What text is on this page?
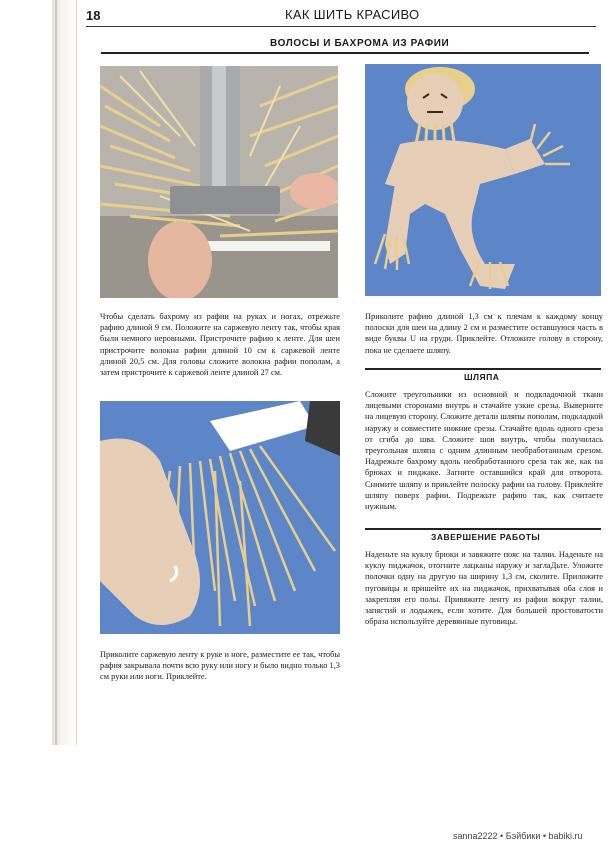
18	КАК ШИТЬ КРАСИВО
ВОЛОСЫ И БАХРОМА ИЗ РАФИИ

Чтобы сделать бахрому из рафии на руках и ногах, отрежьте рафию длиной 9 см. Положите на саржевую ленту так, чтобы края были немного неровными. Пристрочите рафию к ленте. Для шеи пристрочите волокна рафии длиной 10 см к саржевой ленте длиной 20,5 см. Для головы сложите волокна рафии пополам, а затем пристрочите к саржевой ленте длиной 27 см.

Приколите рафию длиной 1,3 см к плечам к каждому концу полоски для шеи на длину 2 см и разместите оставшуюся часть в виде буквы U на груди. Приклейте. Отложите голову в сторону, пока не сделаете шляпу.

Приколите саржевую ленту к руке и ноге, разместите ее так, чтобы рафия закрывала почти всю руку или ногу и было видно только 1,3 см руки или ноги. Приклейте.

ШЛЯПА

Сложите треугольники из основной и подкладочной ткани лицевыми сторонами внутрь и стачайте узкие срезы. Выверните на лицевую сторону. Сложите детали шляпы пополам, подкладкой наружу и совместите нижние срезы. Стачайте вдоль одного среза от сгиба до шва. Сложите шов внутрь, чтобы получилась треугольная шляпа с одним длинным необработанным срезом. Надрежьте бахрому вдоль необработанного среза так же, как на брюках и пиджаке. Загните оставшийся край для отворота. Снимите шляпу и приклейте полоску рафии на голову. Приклейте шляпу поверх рафии. Подрежьте рафию так, как считаете нужным.

ЗАВЕРШЕНИЕ РАБОТЫ

Наденьте на куклу брюки и завяжите пояс на талии. Наденьте на куклу пиджачок, отогните лацканы наружу и заглаДьте. Уложите полочки одну на другую на ширину 1,3 см, сколите. Приложите пуговицы и пришейте их на пиджачок, прихватывая оба слоя и закрепляя его полы. Привяжите ленту из рафии вокруг талии, запястий и лодыжек, если хотите. Для большей простоватости образа используйте деревянные пуговицы.

sanna2222 • Бэйбики • babiki.ru
